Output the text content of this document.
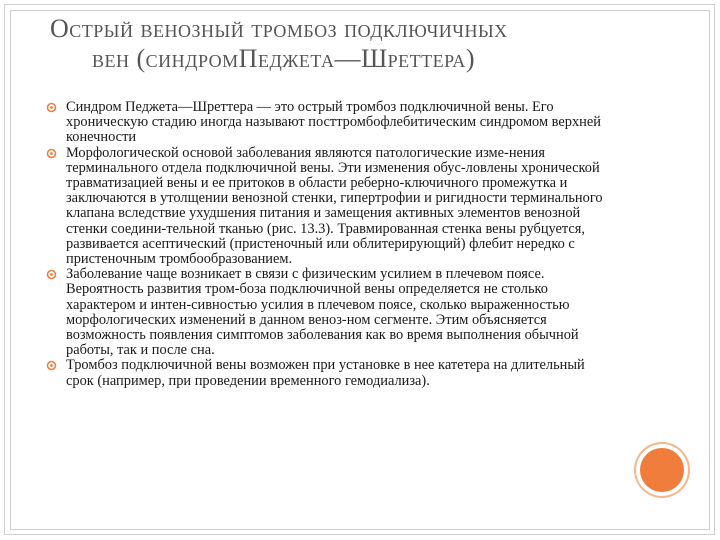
Острый венозный тромбоз подключичных
вен (синдромПеджета—Шреттера)
Синдром Педжета—Шреттера — это острый тромбоз подключичной вены. Его хроническую стадию иногда называют посттромбофлебитическим синдромом верхней конечности
Морфологической основой заболевания являются патологические изме-нения терминального отдела подключичной вены. Эти изменения обус-ловлены хронической травматизацией вены и ее притоков в области реберно-ключичного промежутка и заключаются в утолщении венозной стенки, гипертрофии и ригидности терминального клапана вследствие ухудшения питания и замещения активных элементов венозной стенки соедини-тельной тканью (рис. 13.3). Травмированная стенка вены рубцуется, развивается асептический (пристеночный или облитерирующий) флебит нередко с пристеночным тромбообразованием.
Заболевание чаще возникает в связи с физическим усилием в плечевом поясе. Вероятность развития тром-боза подключичной вены определяется не столько характером и интен-сивностью усилия в плечевом поясе, сколько выраженностью морфологических изменений в данном веноз-ном сегменте. Этим объясняется возможность появления симптомов заболевания как во время выполнения обычной работы, так и после сна.
Тромбоз подключичной вены возможен при установке в нее катетера на длительный срок (например, при проведении временного гемодиализа).
